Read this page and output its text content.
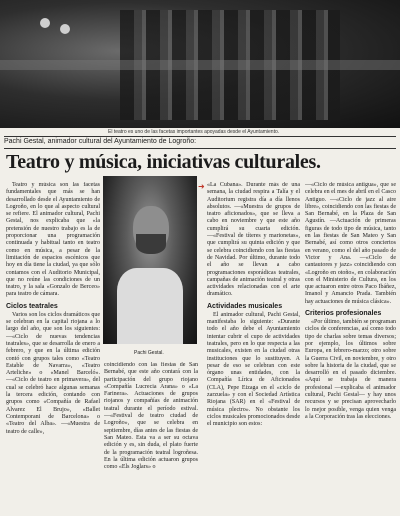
El teatro es uno de las facetas importantes apoyadas desde el Ayuntamiento.
Pachi Gestal, animador cultural del Ayuntamiento de Logroño:
Teatro y música, iniciativas culturales.

Teatro y música son las facetas fundamentales que más se han desarrollado desde el Ayuntamiento de Logroño, en lo que al aspecto cultural se refiere. El animador cultural, Pachi Gestal, nos explicaba que «la pretensión de nuestro trabajo es la de proporcionar una programación continuada y habitual tanto en teatro como en música, a pesar de la limitación de espacios escénicos que hoy en día tiene la ciudad, ya que sólo contamos con el Auditorio Municipal, que no reúne las condiciones de un teatro, y la sala «Gonzalo de Berceo» para teatro de cámara.

Ciclos teatrales

Varios son los ciclos dramáticos que se celebran en la capital riojana a lo largo del año, que son los siguientes: —«Ciclo de nuevas tendencias teatrales», que se desarrolla de enero a febrero, y que en la última edición contó con grupos tales como «Teatro Estable de Navarra», «Teatro Arteliche» o «Manel Barceló». —«Ciclo de teatro en primavera», del cual se celebró hace algunas semanas la tercera edición, contando con grupos como «Compañía de Rafael Alvarez El Brujo», «Ballet Contemporani de Barcelona» o «Teatro del Alba». —«Muestra de teatro de calle»,

Pachi Gestal.

coincidiendo con las fiestas de San Bernabé, que este año contará con la participación del grupo riojano «Compañía Lucrecia Arana» o «La Farinera». Actuaciones de grupos riojanos y compañías de animación teatral durante el período estival. —«Festival de teatro ciudad de Logroño», que se celebra en septiembre, días antes de las fiestas de San Mateo. Esta va a ser su octava edición y es, sin duda, el plato fuerte de la programación teatral logroñesa. En la última edición actuaron grupos como «Els Joglars» o

➜ «La Cubana». Durante más de una semana, la ciudad respira a Talía y el Auditorium registra día a día llenos absolutos. —«Muestra de grupos de teatro aficionados», que se lleva a cabo en noviembre y que este año cumplirá su cuarta edición. —«Festival de títeres y marionetas», que cumplirá su quinta edición y que se celebra coincidiendo con las fiestas de Navidad. Por último, durante todo el año se llevan a cabo programaciones esporádicas teatrales, campañas de animación teatral y otras actividades relacionadas con el arte dramático.

Actividades musicales

El animador cultural, Pachi Gestal, manifestaba lo siguiente: «Durante todo el año debe el Ayuntamiento intentar cubrir el cupo de actividades teatrales, pero en lo que respecta a las musicales, existen en la ciudad otras instituciones que lo sustituyen. A pesar de eso se celebran con este órgano unas entidades, con la Compañía Lírica de Aficionados (CLA), Pepe Eizaga en el «ciclo de zarzuela» y con el Sociedad Artística Riojana (SAR) en el «Festival de música plectro». No obstante los ciclos musicales promocionados desde el municipio son estos:

—«Ciclo de música antigua», que se celebra en el mes de abril en el Casco Antiguo. —«Ciclo de jazz al aire libre», coincidiendo con las fiestas de San Bernabé, en la Plaza de San Agustín. —Actuación de primeras figuras de todo tipo de música, tanto en las fiestas de San Mateo y San Bernabé, así como otros conciertos en verano, como el del año pasado de Victor y Ana. —«Ciclo de cantautores y jazz» coincidiendo con «Logroño en otoño», en colaboración con el Ministerio de Cultura, en los que actuaron entre otros Paco Ibáñez, Imanol y Amancio Prada. También hay actuaciones de música clásica».

Criterios profesionales

«Por último, también se programan ciclos de conferencias, así como todo tipo de charlas sobre temas diversos; por ejemplo, los últimos sobre Europa, en febrero-marzo; otro sobre la Guerra Civil, en noviembre, y otro sobre la historia de la ciudad, que se desarrolló en el pasado diciembre. «Aquí se trabaja de manera profesional —explicaba el animador cultural, Pachi Gestal— y hay unos recursos y se precisan aprovecharlo lo mejor posible, venga quien venga a la Corporación tras las elecciones.
